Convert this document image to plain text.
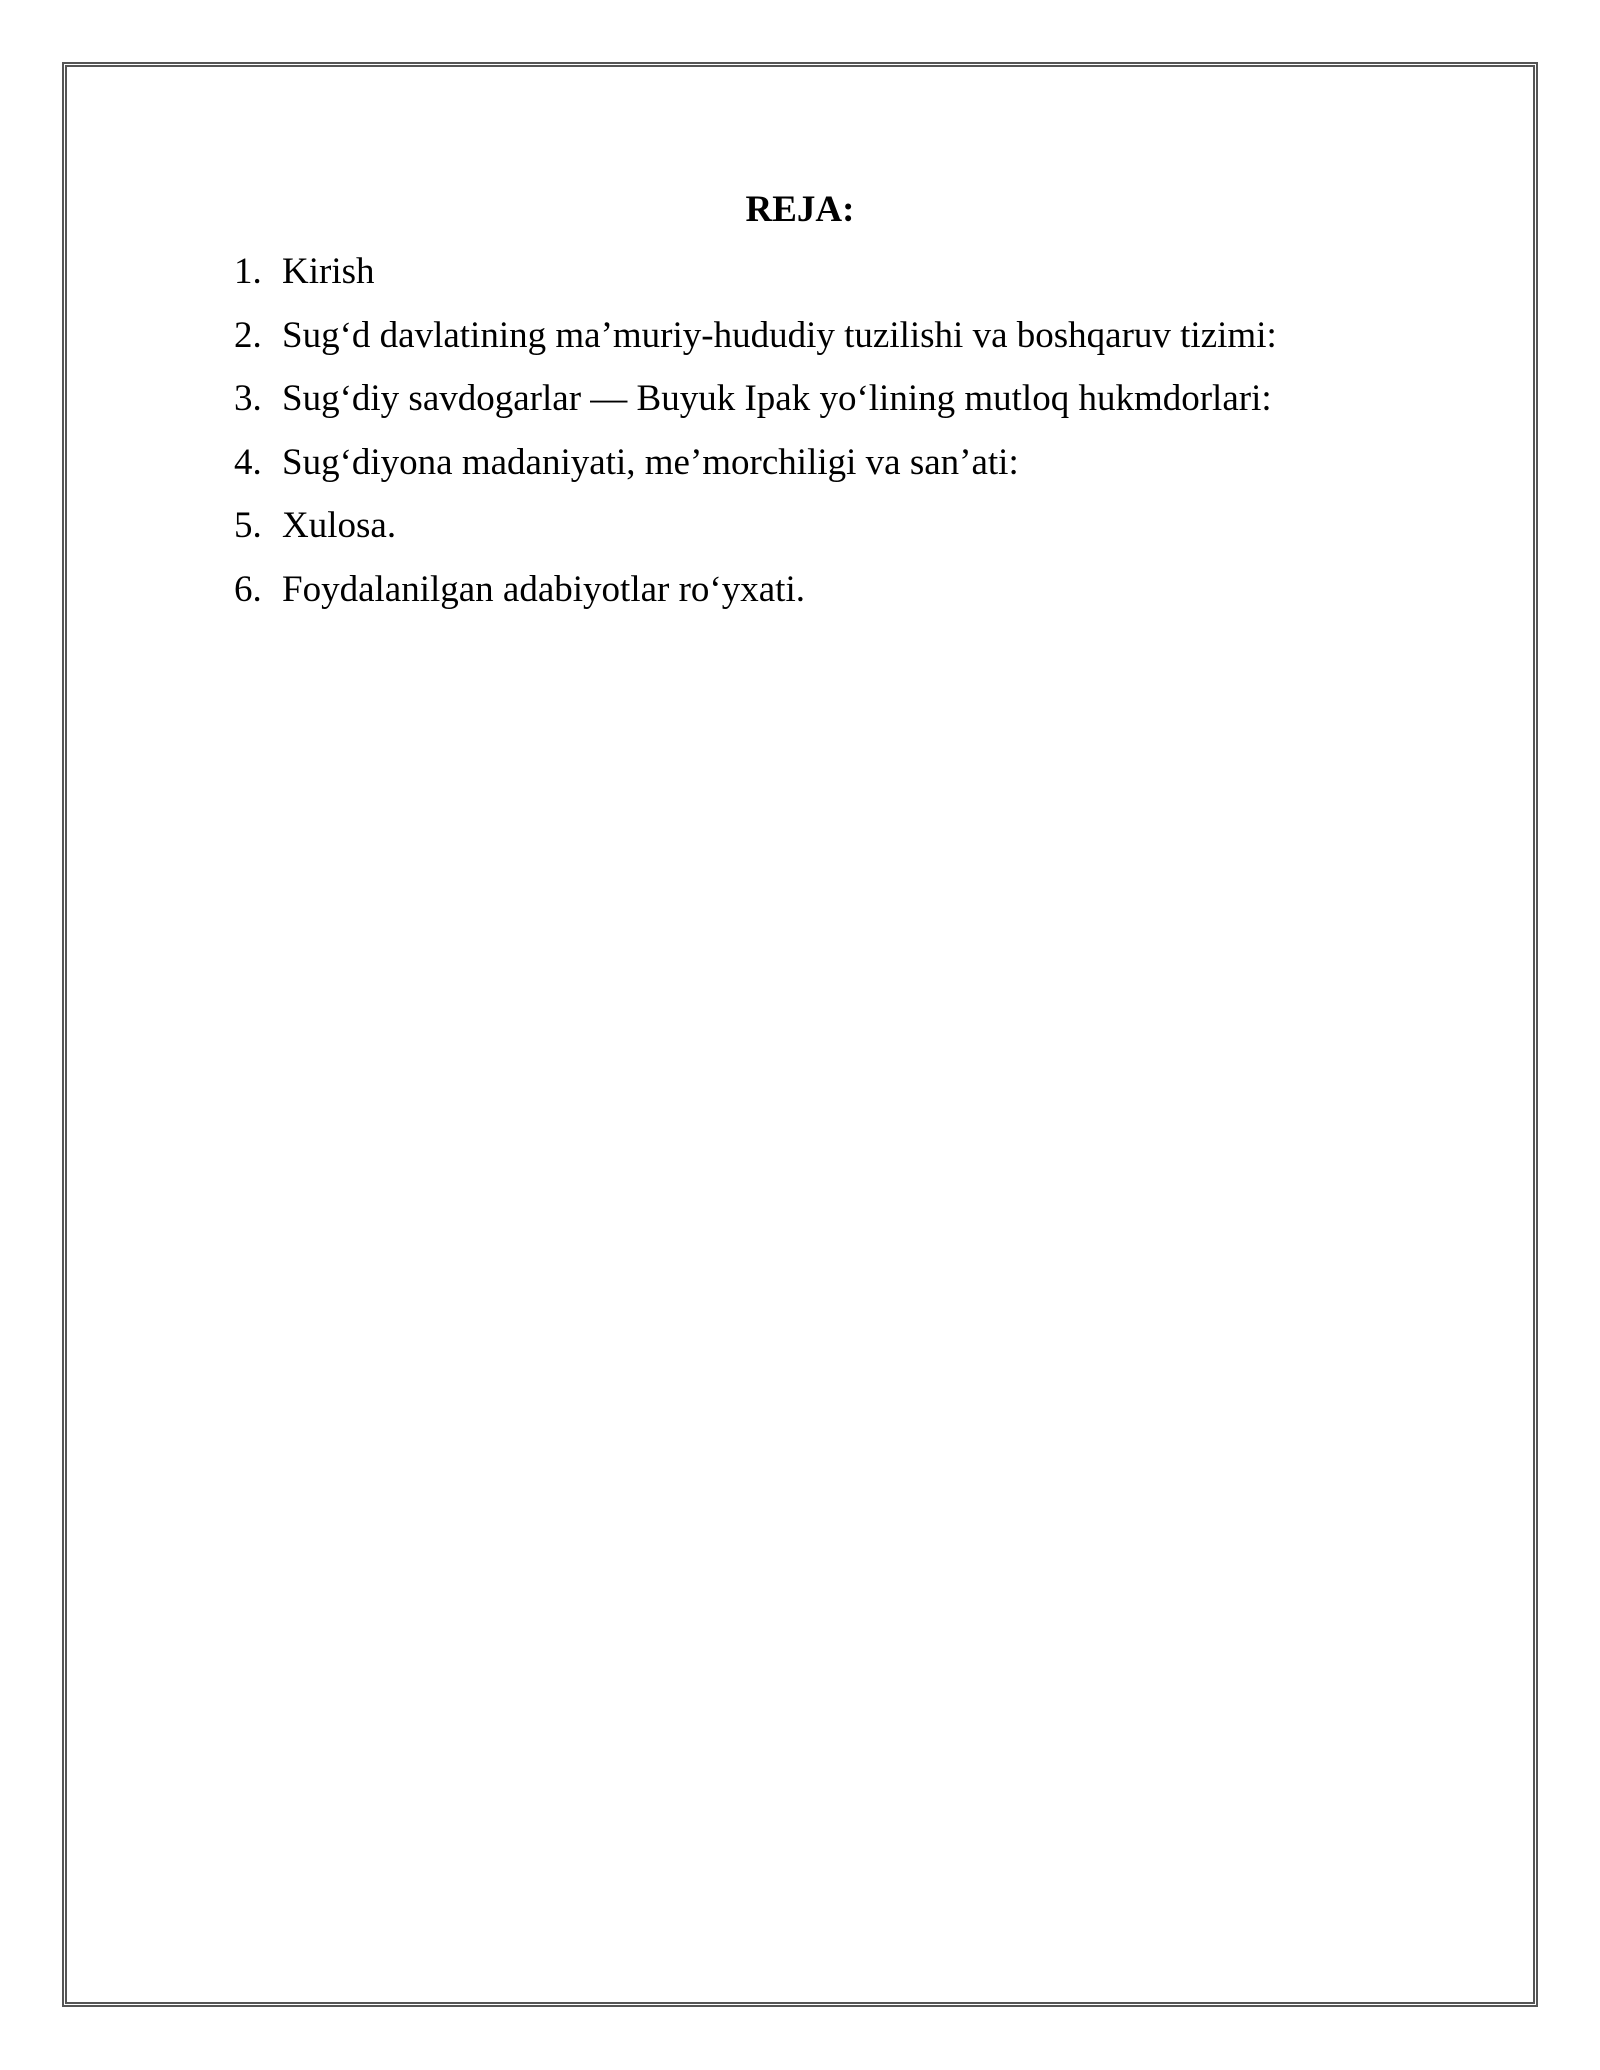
REJA:
1. Kirish
2. Sug‘d davlatining ma’muriy-hududiy tuzilishi va boshqaruv tizimi:
3. Sug‘diy savdogarlar — Buyuk Ipak yo‘lining mutloq hukmdorlari:
4. Sug‘diyona madaniyati, me’morchiligi va san’ati:
5. Xulosa.
6. Foydalanilgan adabiyotlar ro‘yxati.
